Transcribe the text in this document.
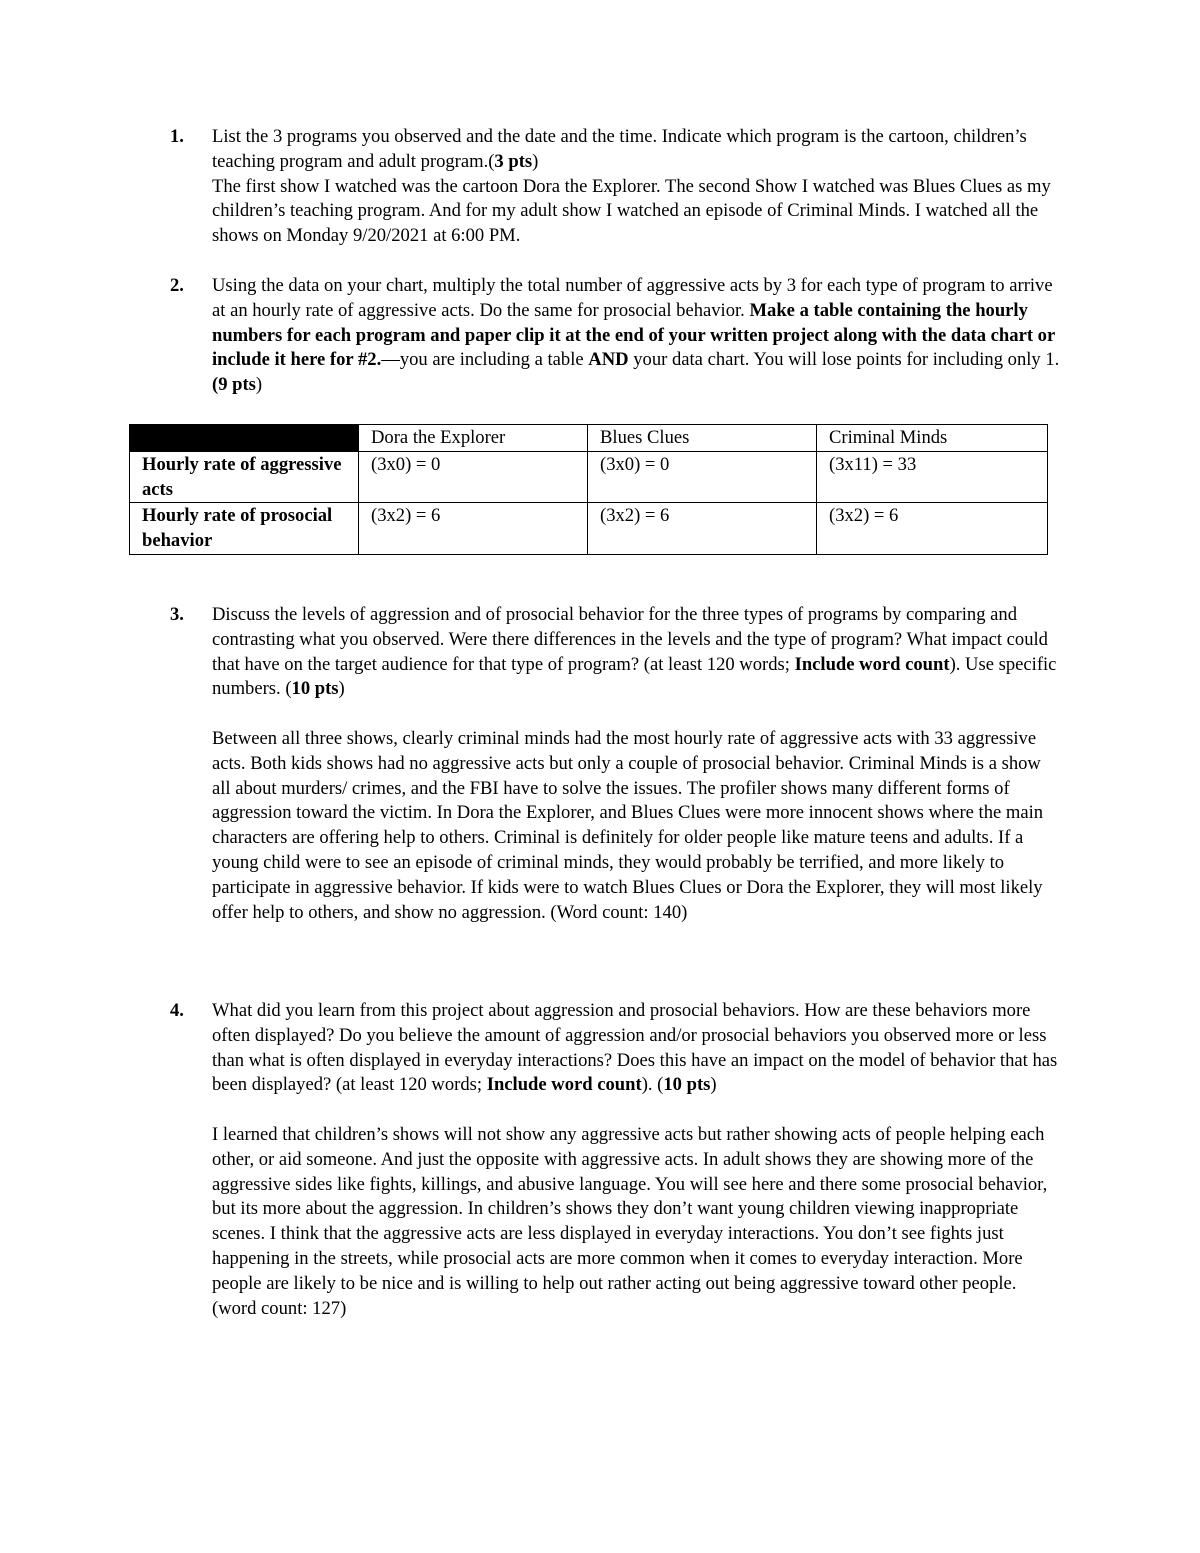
1. List the 3 programs you observed and the date and the time. Indicate which program is the cartoon, children’s teaching program and adult program.(3 pts)

The first show I watched was the cartoon Dora the Explorer. The second Show I watched was Blues Clues as my children’s teaching program. And for my adult show I watched an episode of Criminal Minds. I watched all the shows on Monday 9/20/2021 at 6:00 PM.

2. Using the data on your chart, multiply the total number of aggressive acts by 3 for each type of program to arrive at an hourly rate of aggressive acts. Do the same for prosocial behavior. Make a table containing the hourly numbers for each program and paper clip it at the end of your written project along with the data chart or include it here for #2.—you are including a table AND your data chart. You will lose points for including only 1. (9 pts)

	Dora the Explorer	Blues Clues	Criminal Minds
Hourly rate of aggressive acts	(3x0) = 0	(3x0) = 0	(3x11) = 33
Hourly rate of prosocial behavior	(3x2) = 6	(3x2) = 6	(3x2) = 6
3. Discuss the levels of aggression and of prosocial behavior for the three types of programs by comparing and contrasting what you observed. Were there differences in the levels and the type of program? What impact could that have on the target audience for that type of program? (at least 120 words; Include word count). Use specific numbers. (10 pts)

Between all three shows, clearly criminal minds had the most hourly rate of aggressive acts with 33 aggressive acts. Both kids shows had no aggressive acts but only a couple of prosocial behavior. Criminal Minds is a show all about murders/ crimes, and the FBI have to solve the issues. The profiler shows many different forms of aggression toward the victim. In Dora the Explorer, and Blues Clues were more innocent shows where the main characters are offering help to others. Criminal is definitely for older people like mature teens and adults. If a young child were to see an episode of criminal minds, they would probably be terrified, and more likely to participate in aggressive behavior. If kids were to watch Blues Clues or Dora the Explorer, they will most likely offer help to others, and show no aggression. (Word count: 140)

4. What did you learn from this project about aggression and prosocial behaviors. How are these behaviors more often displayed? Do you believe the amount of aggression and/or prosocial behaviors you observed more or less than what is often displayed in everyday interactions? Does this have an impact on the model of behavior that has been displayed? (at least 120 words; Include word count). (10 pts)

I learned that children’s shows will not show any aggressive acts but rather showing acts of people helping each other, or aid someone. And just the opposite with aggressive acts. In adult shows they are showing more of the aggressive sides like fights, killings, and abusive language. You will see here and there some prosocial behavior, but its more about the aggression. In children’s shows they don’t want young children viewing inappropriate scenes. I think that the aggressive acts are less displayed in everyday interactions. You don’t see fights just happening in the streets, while prosocial acts are more common when it comes to everyday interaction. More people are likely to be nice and is willing to help out rather acting out being aggressive toward other people. (word count: 127)
